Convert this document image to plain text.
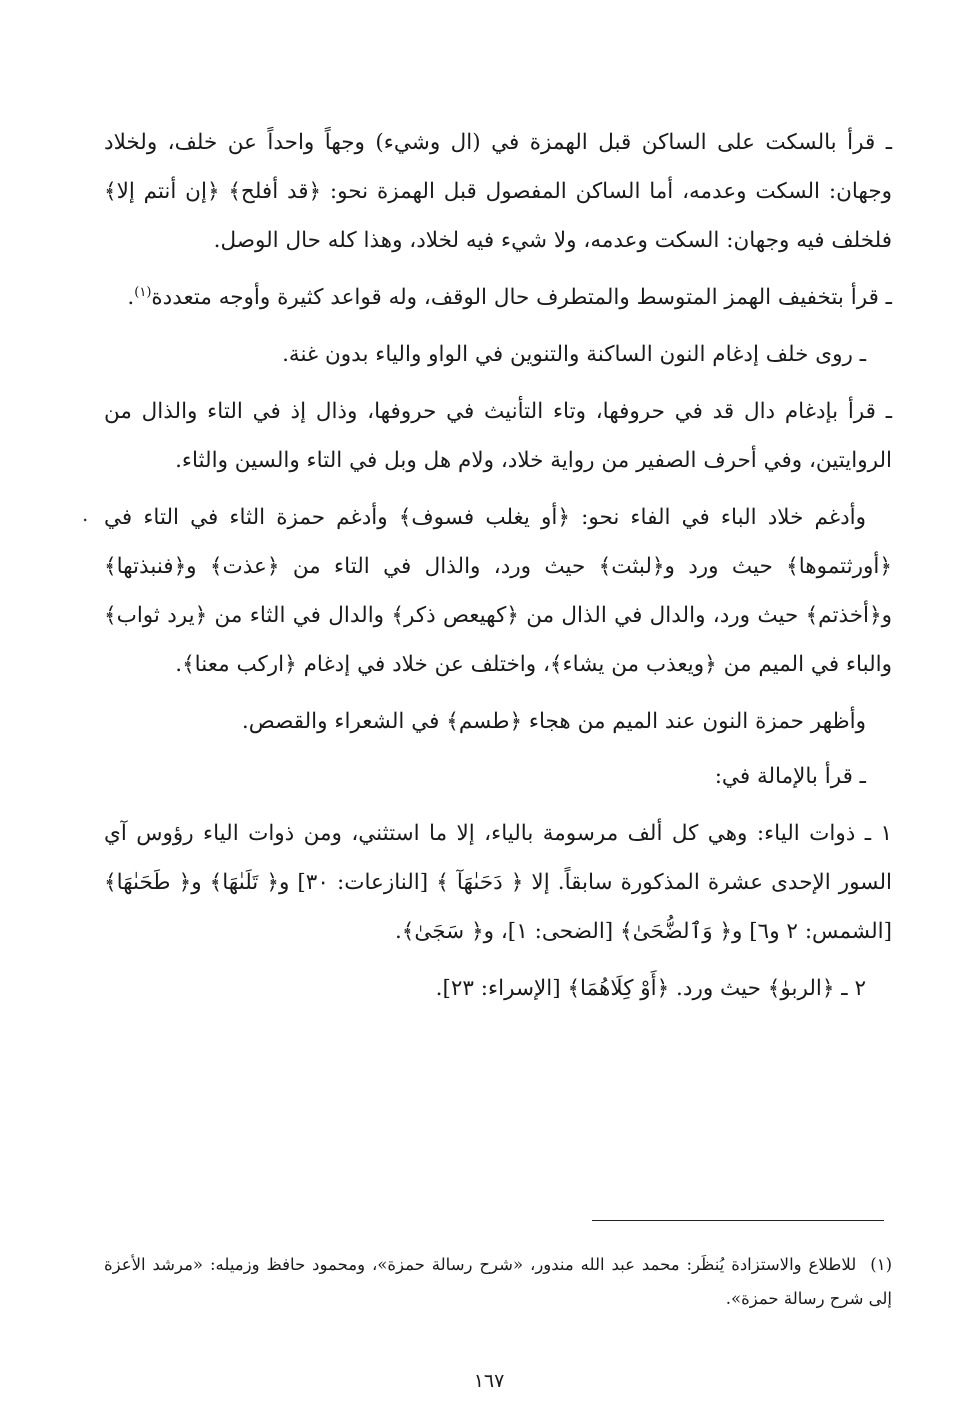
ـ قرأ بالسكت على الساكن قبل الهمزة في (ال وشيء) وجهاً واحداً عن خلف، ولخلاد وجهان: السكت وعدمه، أما الساكن المفصول قبل الهمزة نحو: ﴿قد أفلح﴾ ﴿إن أنتم إلا﴾ فلخلف فيه وجهان: السكت وعدمه، ولا شيء فيه لخلاد، وهذا كله حال الوصل.

ـ قرأ بتخفيف الهمز المتوسط والمتطرف حال الوقف، وله قواعد كثيرة وأوجه متعددة$^{(١)}$.

ـ روى خلف إدغام النون الساكنة والتنوين في الواو والياء بدون غنة.

ـ قرأ بإدغام دال قد في حروفها، وتاء التأنيث في حروفها، وذال إذ في التاء والذال من الروايتين، وفي أحرف الصفير من رواية خلاد، ولام هل وبل في التاء والسين والثاء.

وأدغم خلاد الباء في الفاء نحو: ﴿أو يغلب فسوف﴾ وأدغم حمزة الثاء في التاء في ﴿أورثتموها﴾ حيث ورد و﴿لبثت﴾ حيث ورد، والذال في التاء من ﴿عذت﴾ و﴿فنبذتها﴾ و﴿أخذتم﴾ حيث ورد، والدال في الذال من ﴿كهيعص ذكر﴾ والدال في الثاء من ﴿يرد ثواب﴾ والباء في الميم من ﴿ويعذب من يشاء﴾، واختلف عن خلاد في إدغام ﴿اركب معنا﴾.

وأظهر حمزة النون عند الميم من هجاء ﴿طسم﴾ في الشعراء والقصص.

ـ قرأ بالإمالة في:

١ ـ ذوات الياء: وهي كل ألف مرسومة بالياء، إلا ما استثني، ومن ذوات الياء رؤوس آي السور الإحدى عشرة المذكورة سابقاً. إلا ﴿ دَحَىٰهَآ ﴾ [النازعات: ٣٠] و﴿ تَلَىٰهَا﴾ و﴿ طَحَىٰهَا﴾ [الشمس: ٢ و٦] و﴿ وَٱلضُّحَىٰ﴾ [الضحى: ١]، و﴿ سَجَىٰ﴾.

٢ ـ ﴿الربوٰ﴾ حيث ورد. ﴿أَوْ كِلَاهُمَا﴾ [الإسراء: ٢٣].

.

(١)للاطلاع والاستزادة يُنظَر: محمد عبد الله مندور، «شرح رسالة حمزة»، ومحمود حافظ وزميله: «مرشد الأعزة إلى شرح رسالة حمزة».

١٦٧
